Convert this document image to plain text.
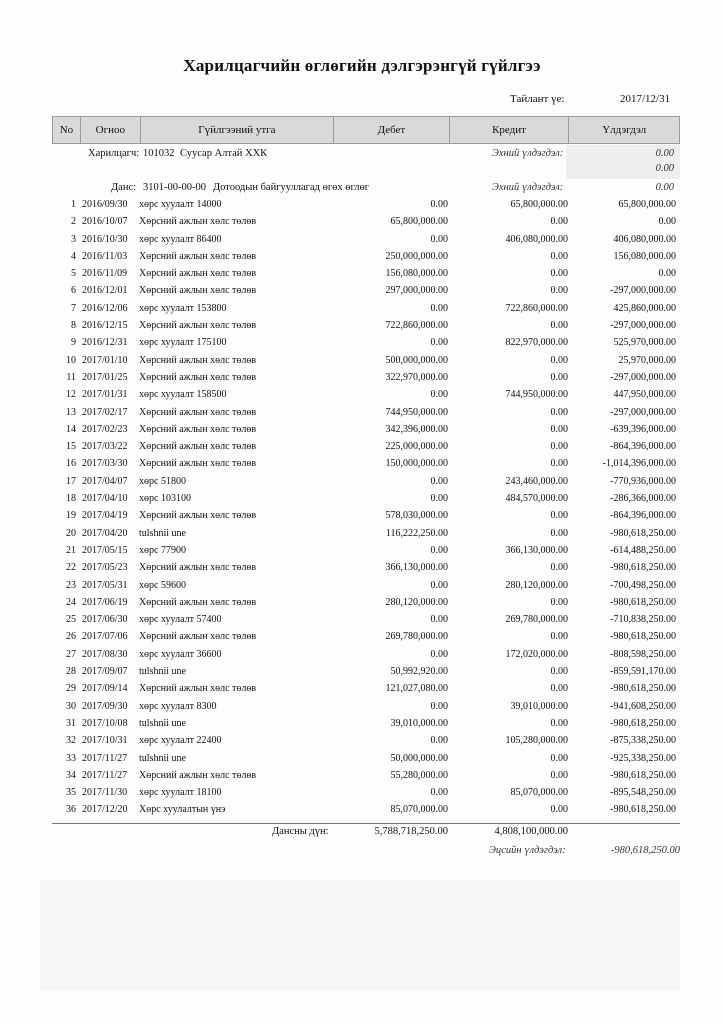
Харилцагчийн өглөгийн дэлгэрэнгүй гүйлгээ
Тайлант үе:	2017/12/31
No	Огноо	Гүйлгээний утга	Дебет	Кредит	Үлдэгдэл
Харилцагч: 101032 Суусар Алтай ХХК	Эхний үлдэгдэл:	0.00
0.00
Данс: 3101-00-00-00 Дотоодын байгууллагад өгөх өглөг	Эхний үлдэгдэл:	0.00
1 2016/09/30 хөрс хуулалт 14000	0.00	65,800,000.00	65,800,000.00
2 2016/10/07 Хөрсний ажлын хөлс төлөв	65,800,000.00	0.00	0.00
3 2016/10/30 хөрс хуулалт 86400	0.00	406,080,000.00	406,080,000.00
4 2016/11/03 Хөрсний ажлын хөлс төлөв	250,000,000.00	0.00	156,080,000.00
5 2016/11/09 Хөрсний ажлын хөлс төлөв	156,080,000.00	0.00	0.00
6 2016/12/01 Хөрсний ажлын хөлс төлөв	297,000,000.00	0.00	-297,000,000.00
7 2016/12/06 хөрс хуулалт 153800	0.00	722,860,000.00	425,860,000.00
8 2016/12/15 Хөрсний ажлын хөлс төлөв	722,860,000.00	0.00	-297,000,000.00
9 2016/12/31 хөрс хуулалт 175100	0.00	822,970,000.00	525,970,000.00
10 2017/01/10 Хөрсний ажлын хөлс төлөв	500,000,000.00	0.00	25,970,000.00
11 2017/01/25 Хөрсний ажлын хөлс төлөв	322,970,000.00	0.00	-297,000,000.00
12 2017/01/31 хөрс хуулалт 158500	0.00	744,950,000.00	447,950,000.00
13 2017/02/17 Хөрсний ажлын хөлс төлөв	744,950,000.00	0.00	-297,000,000.00
14 2017/02/23 Хөрсний ажлын хөлс төлөв	342,396,000.00	0.00	-639,396,000.00
15 2017/03/22 Хөрсний ажлын хөлс төлөв	225,000,000.00	0.00	-864,396,000.00
16 2017/03/30 Хөрсний ажлын хөлс төлөв	150,000,000.00	0.00	-1,014,396,000.00
17 2017/04/07 хөрс 51800	0.00	243,460,000.00	-770,936,000.00
18 2017/04/10 хөрс 103100	0.00	484,570,000.00	-286,366,000.00
19 2017/04/19 Хөрсний ажлын хөлс төлөв	578,030,000.00	0.00	-864,396,000.00
20 2017/04/20 tulshnii une	116,222,250.00	0.00	-980,618,250.00
21 2017/05/15 хөрс 77900	0.00	366,130,000.00	-614,488,250.00
22 2017/05/23 Хөрсний ажлын хөлс төлөв	366,130,000.00	0.00	-980,618,250.00
23 2017/05/31 хөрс 59600	0.00	280,120,000.00	-700,498,250.00
24 2017/06/19 Хөрсний ажлын хөлс төлөв	280,120,000.00	0.00	-980,618,250.00
25 2017/06/30 хөрс хуулалт 57400	0.00	269,780,000.00	-710,838,250.00
26 2017/07/06 Хөрсний ажлын хөлс төлөв	269,780,000.00	0.00	-980,618,250.00
27 2017/08/30 хөрс хуулалт 36600	0.00	172,020,000.00	-808,598,250.00
28 2017/09/07 tulshnii une	50,992,920.00	0.00	-859,591,170.00
29 2017/09/14 Хөрсний ажлын хөлс төлөв	121,027,080.00	0.00	-980,618,250.00
30 2017/09/30 хөрс хуулалт 8300	0.00	39,010,000.00	-941,608,250.00
31 2017/10/08 tulshnii une	39,010,000.00	0.00	-980,618,250.00
32 2017/10/31 хөрс хуулалт 22400	0.00	105,280,000.00	-875,338,250.00
33 2017/11/27 tulshnii une	50,000,000.00	0.00	-925,338,250.00
34 2017/11/27 Хөрсний ажлын хөлс төлөв	55,280,000.00	0.00	-980,618,250.00
35 2017/11/30 хөрс хуулалт 18100	0.00	85,070,000.00	-895,548,250.00
36 2017/12/20 Хөрс хуулалтын үнэ	85,070,000.00	0.00	-980,618,250.00
Дансны дүн:	5,788,718,250.00	4,808,100,000.00
Эцсийн үлдэгдэл:	-980,618,250.00
